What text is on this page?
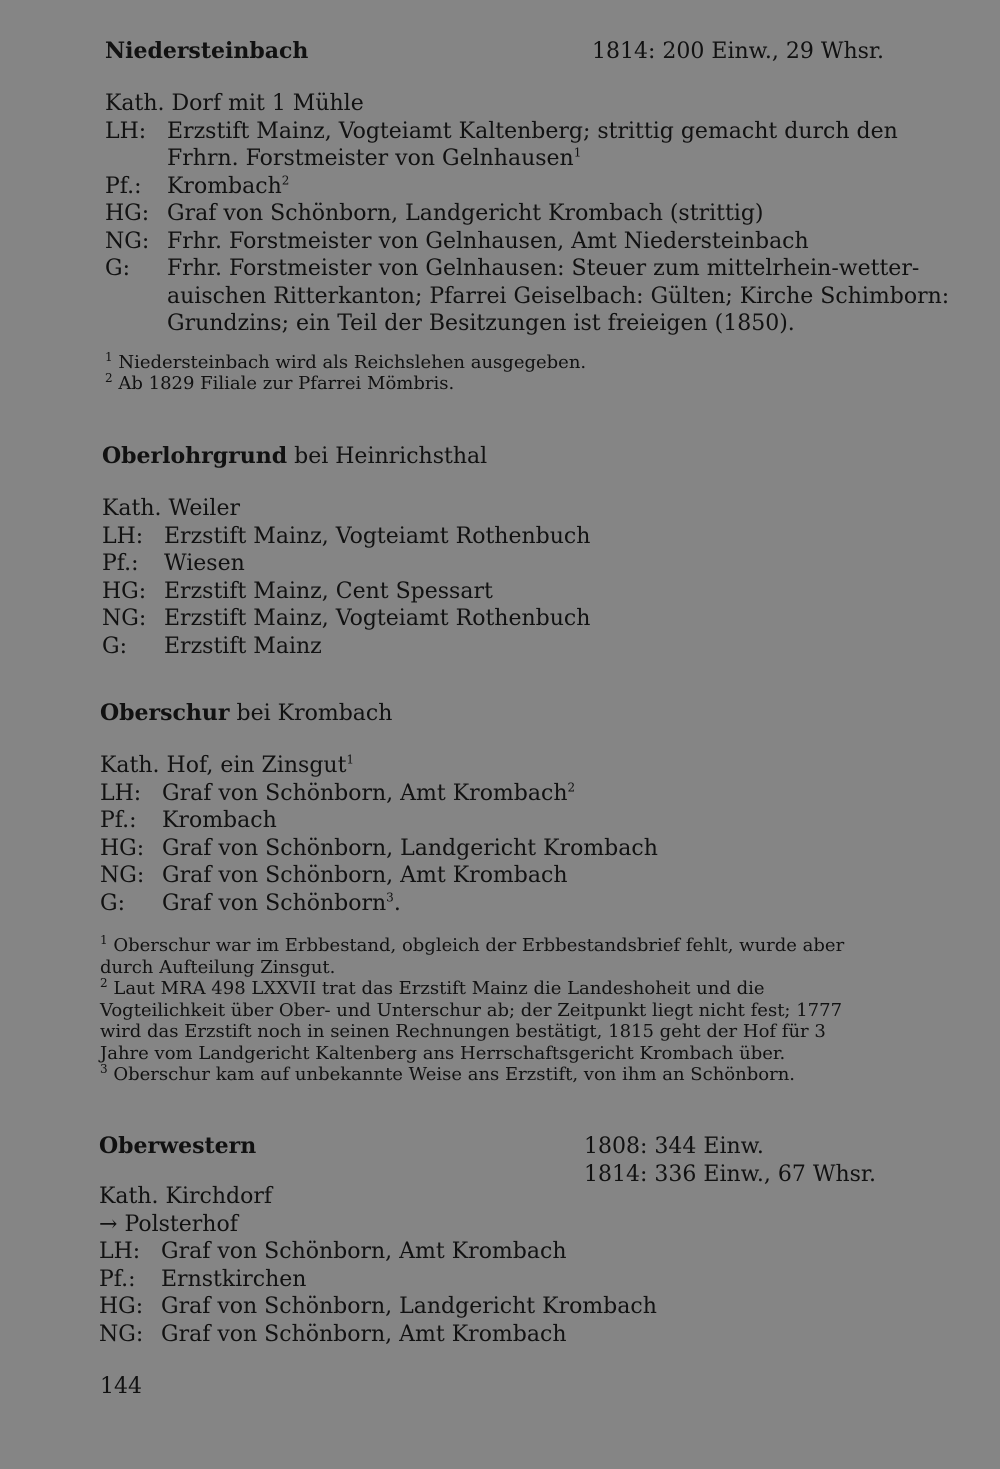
Niedersteinbach	1814: 200 Einw., 29 Whsr.
Kath. Dorf mit 1 Mühle
LH: Erzstift Mainz, Vogteiamt Kaltenberg; strittig gemacht durch den
Frhrn. Forstmeister von Gelnhausen$^1$
Pf.: Krombach$^2$
HG: Graf von Schönborn, Landgericht Krombach (strittig)
NG: Frhr. Forstmeister von Gelnhausen, Amt Niedersteinbach
G: Frhr. Forstmeister von Gelnhausen: Steuer zum mittelrhein-wetter-
auischen Ritterkanton; Pfarrei Geiselbach: Gülten; Kirche Schimborn:
Grundzins; ein Teil der Besitzungen ist freieigen (1850).
$^1$ Niedersteinbach wird als Reichslehen ausgegeben.
$^2$ Ab 1829 Filiale zur Pfarrei Mömbris.
Oberlohrgrund bei Heinrichsthal
Kath. Weiler
LH: Erzstift Mainz, Vogteiamt Rothenbuch
Pf.: Wiesen
HG: Erzstift Mainz, Cent Spessart
NG: Erzstift Mainz, Vogteiamt Rothenbuch
G: Erzstift Mainz
Oberschur bei Krombach
Kath. Hof, ein Zinsgut$^1$
LH: Graf von Schönborn, Amt Krombach$^2$
Pf.: Krombach
HG: Graf von Schönborn, Landgericht Krombach
NG: Graf von Schönborn, Amt Krombach
G: Graf von Schönborn$^3$.
$^1$ Oberschur war im Erbbestand, obgleich der Erbbestandsbrief fehlt, wurde aber
durch Aufteilung Zinsgut.
$^2$ Laut MRA 498 LXXVII trat das Erzstift Mainz die Landeshoheit und die
Vogteilichkeit über Ober- und Unterschur ab; der Zeitpunkt liegt nicht fest; 1777
wird das Erzstift noch in seinen Rechnungen bestätigt, 1815 geht der Hof für 3
Jahre vom Landgericht Kaltenberg ans Herrschaftsgericht Krombach über.
$^3$ Oberschur kam auf unbekannte Weise ans Erzstift, von ihm an Schönborn.
Oberwestern	1808: 344 Einw.
1814: 336 Einw., 67 Whsr.
Kath. Kirchdorf
→ Polsterhof
LH: Graf von Schönborn, Amt Krombach
Pf.: Ernstkirchen
HG: Graf von Schönborn, Landgericht Krombach
NG: Graf von Schönborn, Amt Krombach
144
